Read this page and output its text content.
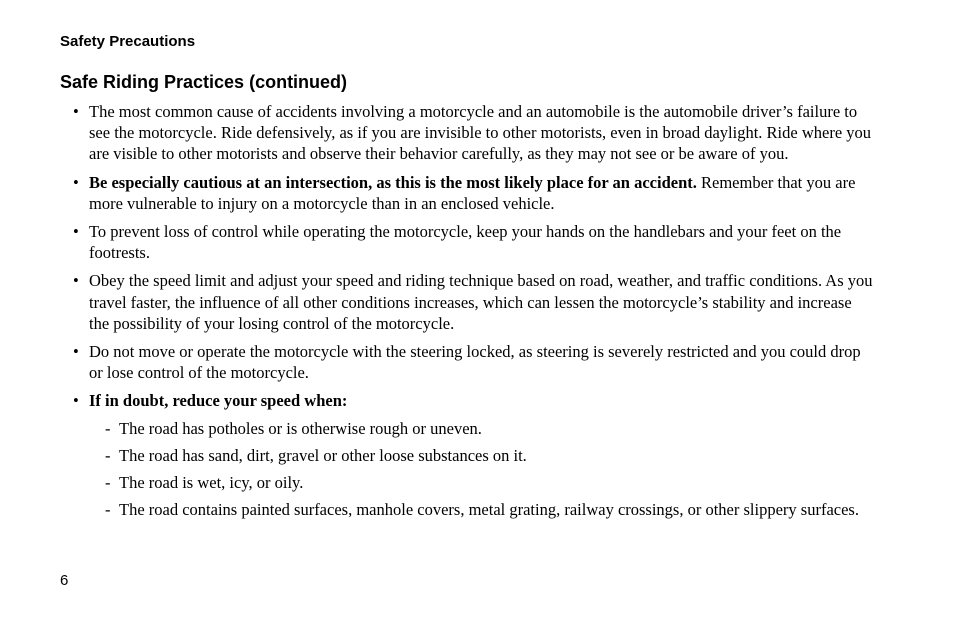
Safety Precautions
Safe Riding Practices (continued)
• The most common cause of accidents involving a motorcycle and an automobile is the automobile driver’s failure to see the motorcycle. Ride defensively, as if you are invisible to other motorists, even in broad daylight. Ride where you are visible to other motorists and observe their behavior carefully, as they may not see or be aware of you.
• Be especially cautious at an intersection, as this is the most likely place for an accident. Remember that you are more vulnerable to injury on a motorcycle than in an enclosed vehicle.
• To prevent loss of control while operating the motorcycle, keep your hands on the handlebars and your feet on the footrests.
• Obey the speed limit and adjust your speed and riding technique based on road, weather, and traffic conditions. As you travel faster, the influence of all other conditions increases, which can lessen the motorcycle’s stability and increase the possibility of your losing control of the motorcycle.
• Do not move or operate the motorcycle with the steering locked, as steering is severely restricted and you could drop or lose control of the motorcycle.
• If in doubt, reduce your speed when:
- The road has potholes or is otherwise rough or uneven.
- The road has sand, dirt, gravel or other loose substances on it.
- The road is wet, icy, or oily.
- The road contains painted surfaces, manhole covers, metal grating, railway crossings, or other slippery surfaces.
6
